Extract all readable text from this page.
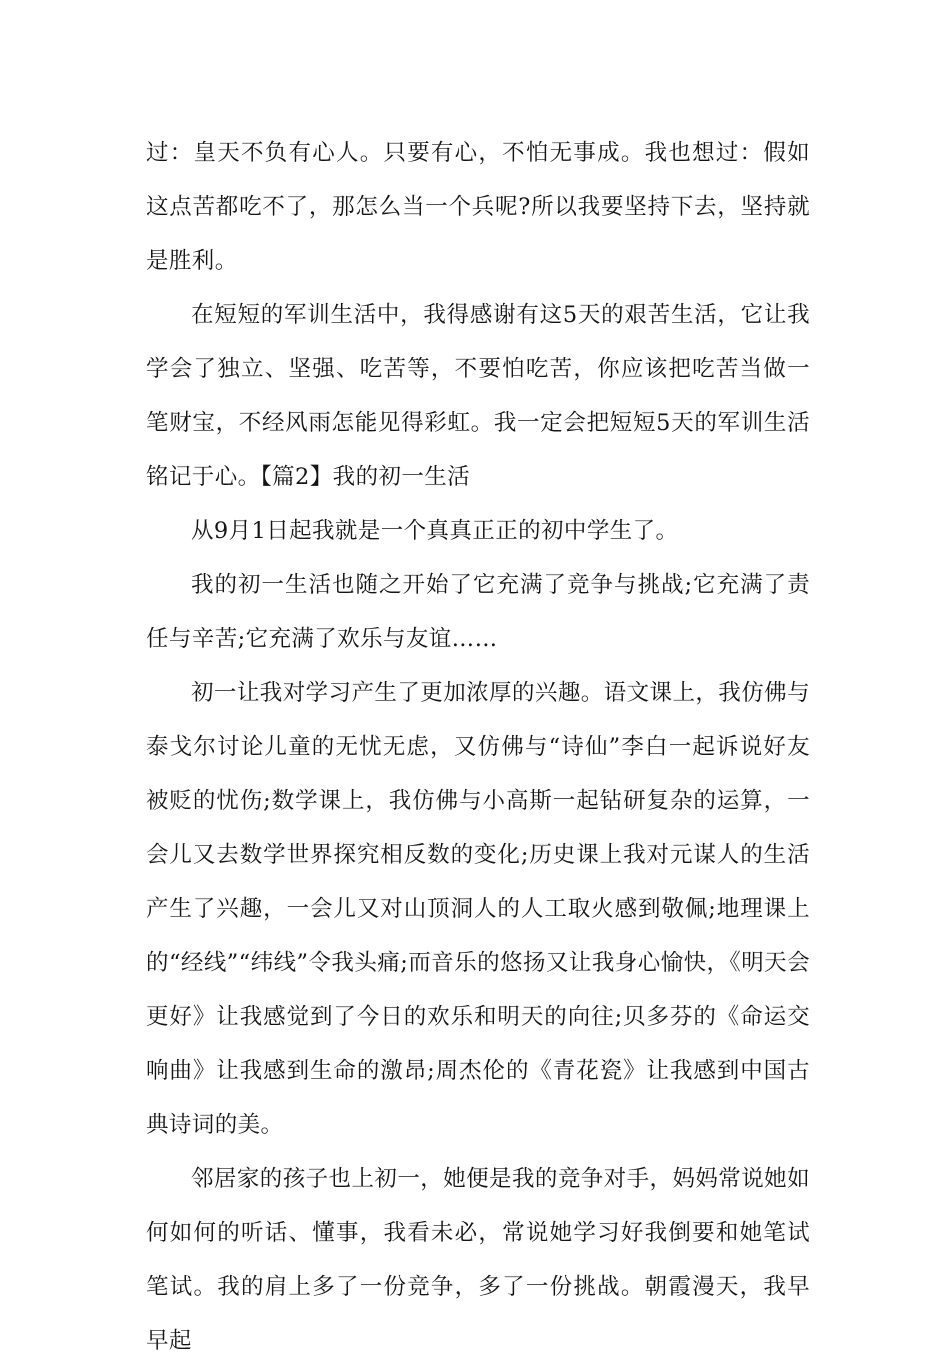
过：皇天不负有心人。只要有心，不怕无事成。我也想过：假如这点苦都吃不了，那怎么当一个兵呢?所以我要坚持下去，坚持就是胜利。

在短短的军训生活中，我得感谢有这5天的艰苦生活，它让我学会了独立、坚强、吃苦等，不要怕吃苦，你应该把吃苦当做一笔财宝，不经风雨怎能见得彩虹。我一定会把短短5天的军训生活铭记于心。【篇2】我的初一生活

从9月1日起我就是一个真真正正的初中学生了。

我的初一生活也随之开始了它充满了竞争与挑战;它充满了责任与辛苦;它充满了欢乐与友谊……

初一让我对学习产生了更加浓厚的兴趣。语文课上，我仿佛与泰戈尔讨论儿童的无忧无虑，又仿佛与“诗仙”李白一起诉说好友被贬的忧伤;数学课上，我仿佛与小高斯一起钻研复杂的运算，一会儿又去数学世界探究相反数的变化;历史课上我对元谋人的生活产生了兴趣，一会儿又对山顶洞人的人工取火感到敬佩;地理课上的“经线”“纬线”令我头痛;而音乐的悠扬又让我身心愉快，《明天会更好》让我感觉到了今日的欢乐和明天的向往;贝多芬的《命运交响曲》让我感到生命的激昂;周杰伦的《青花瓷》让我感到中国古典诗词的美。

邻居家的孩子也上初一，她便是我的竞争对手，妈妈常说她如何如何的听话、懂事，我看未必，常说她学习好我倒要和她笔试笔试。我的肩上多了一份竞争，多了一份挑战。朝霞漫天，我早早起
